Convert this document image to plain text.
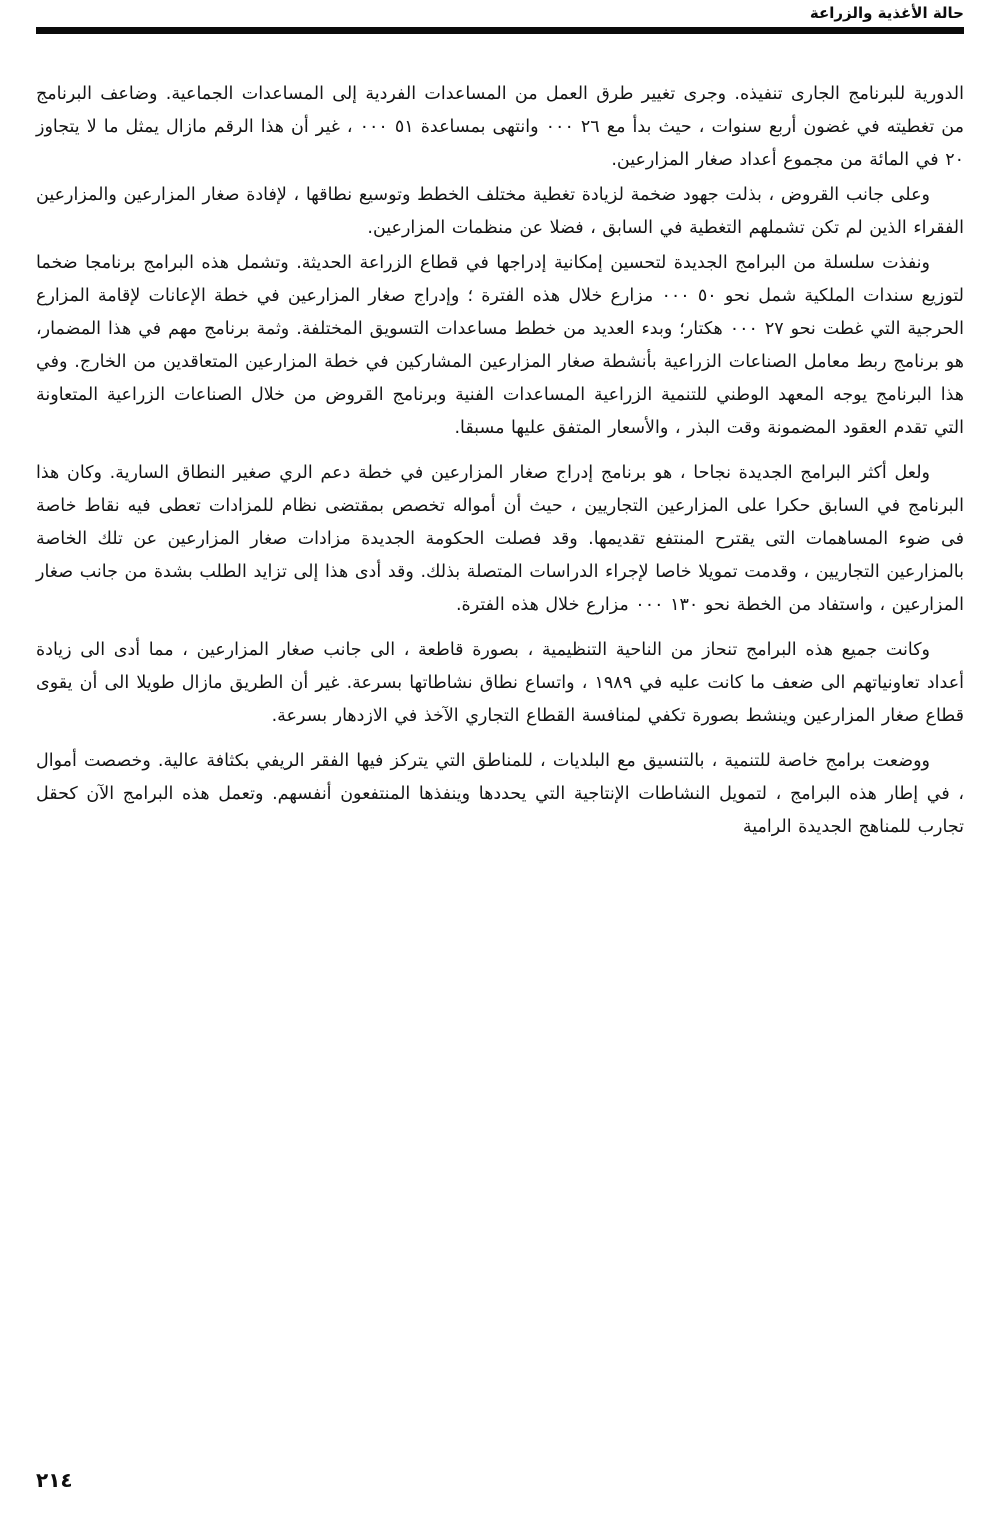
حالة الأغذية والزراعة

الدورية للبرنامج الجارى تنفيذه. وجرى تغيير طرق العمل من المساعدات الفردية إلى المساعدات الجماعية. وضاعف البرنامج من تغطيته في غضون أربع سنوات ، حيث بدأ مع ٢٦ ٠٠٠ وانتهى بمساعدة ٥١ ٠٠٠ ، غير أن هذا الرقم مازال يمثل ما لا يتجاوز ٢٠ في المائة من مجموع أعداد صغار المزارعين.

وعلى جانب القروض ، بذلت جهود ضخمة لزيادة تغطية مختلف الخطط وتوسيع نطاقها ، لإفادة صغار المزارعين والمزارعين الفقراء الذين لم تكن تشملهم التغطية في السابق ، فضلا عن منظمات المزارعين.

ونفذت سلسلة من البرامج الجديدة لتحسين إمكانية إدراجها في قطاع الزراعة الحديثة. وتشمل هذه البرامج برنامجا ضخما لتوزيع سندات الملكية شمل نحو ٥٠ ٠٠٠ مزارع خلال هذه الفترة ؛ وإدراج صغار المزارعين في خطة الإعانات لإقامة المزارع الحرجية التي غطت نحو ٢٧ ٠٠٠ هكتار؛ وبدء العديد من خطط مساعدات التسويق المختلفة. وثمة برنامج مهم في هذا المضمار، هو برنامج ربط معامل الصناعات الزراعية بأنشطة صغار المزارعين المشاركين في خطة المزارعين المتعاقدين من الخارج. وفي هذا البرنامج يوجه المعهد الوطني للتنمية الزراعية المساعدات الفنية وبرنامج القروض من خلال الصناعات الزراعية المتعاونة التي تقدم العقود المضمونة وقت البذر ، والأسعار المتفق عليها مسبقا.

ولعل أكثر البرامج الجديدة نجاحا ، هو برنامج إدراج صغار المزارعين في خطة دعم الري صغير النطاق السارية. وكان هذا البرنامج في السابق حكرا على المزارعين التجاريين ، حيث أن أمواله تخصص بمقتضى نظام للمزادات تعطى فيه نقاط خاصة فى ضوء المساهمات التى يقترح المنتفع تقديمها. وقد فصلت الحكومة الجديدة مزادات صغار المزارعين عن تلك الخاصة بالمزارعين التجاريين ، وقدمت تمويلا خاصا لإجراء الدراسات المتصلة بذلك. وقد أدى هذا إلى تزايد الطلب بشدة من جانب صغار المزارعين ، واستفاد من الخطة نحو ١٣٠ ٠٠٠ مزارع خلال هذه الفترة.

وكانت جميع هذه البرامج تنحاز من الناحية التنظيمية ، بصورة قاطعة ، الى جانب صغار المزارعين ، مما أدى الى زيادة أعداد تعاونياتهم الى ضعف ما كانت عليه في ١٩٨٩ ، واتساع نطاق نشاطاتها بسرعة. غير أن الطريق مازال طويلا الى أن يقوى قطاع صغار المزارعين وينشط بصورة تكفي لمنافسة القطاع التجاري الآخذ في الازدهار بسرعة.

ووضعت برامج خاصة للتنمية ، بالتنسيق مع البلديات ، للمناطق التي يتركز فيها الفقر الريفي بكثافة عالية. وخصصت أموال ، في إطار هذه البرامج ، لتمويل النشاطات الإنتاجية التي يحددها وينفذها المنتفعون أنفسهم. وتعمل هذه البرامج الآن كحقل تجارب للمناهج الجديدة الرامية

٢١٤
